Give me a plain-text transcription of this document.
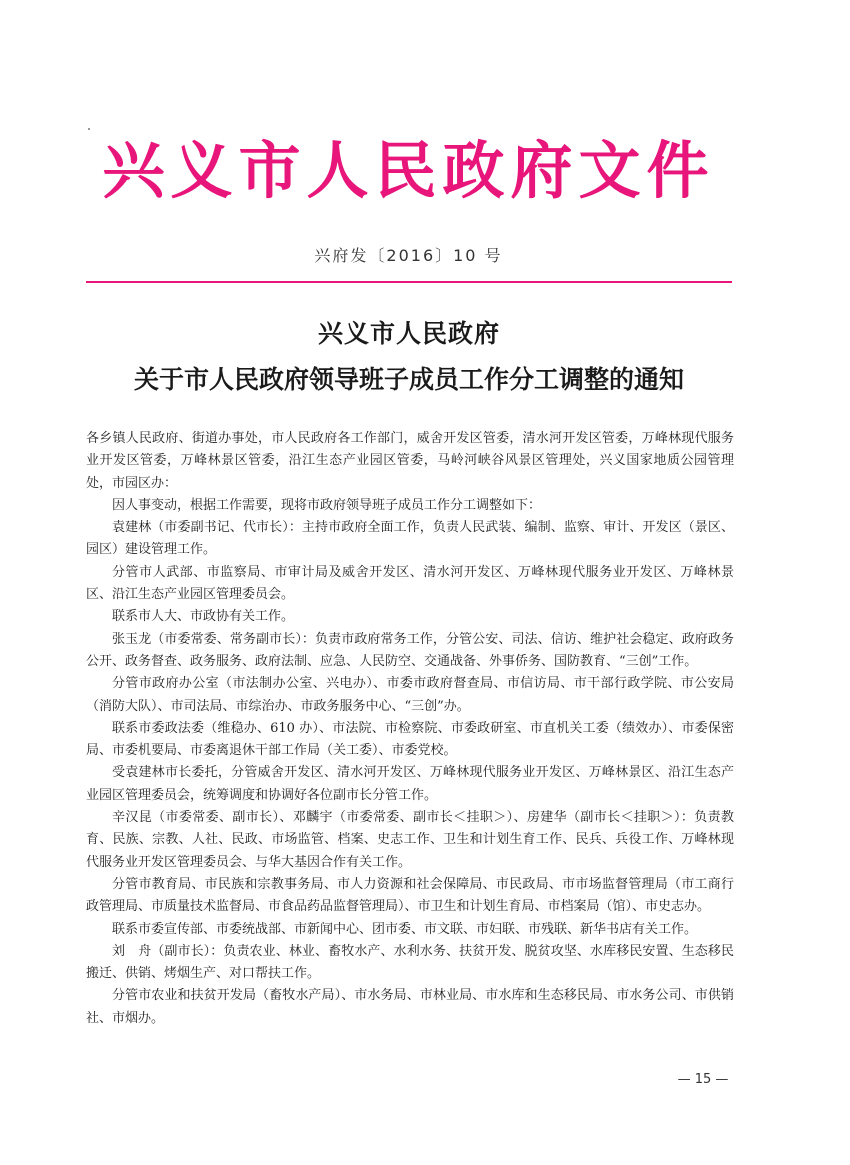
兴义市人民政府文件
兴府发〔2016〕10 号
兴义市人民政府
关于市人民政府领导班子成员工作分工调整的通知

各乡镇人民政府、街道办事处，市人民政府各工作部门，威舍开发区管委，清水河开发区管委，万峰林现代服务业开发区管委，万峰林景区管委，沿江生态产业园区管委，马岭河峡谷风景区管理处，兴义国家地质公园管理处，市园区办：

因人事变动，根据工作需要，现将市政府领导班子成员工作分工调整如下：

袁建林（市委副书记、代市长）：主持市政府全面工作，负责人民武装、编制、监察、审计、开发区（景区、园区）建设管理工作。

分管市人武部、市监察局、市审计局及威舍开发区、清水河开发区、万峰林现代服务业开发区、万峰林景区、沿江生态产业园区管理委员会。

联系市人大、市政协有关工作。

张玉龙（市委常委、常务副市长）：负责市政府常务工作，分管公安、司法、信访、维护社会稳定、政府政务公开、政务督查、政务服务、政府法制、应急、人民防空、交通战备、外事侨务、国防教育、“三创”工作。

分管市政府办公室（市法制办公室、兴电办）、市委市政府督查局、市信访局、市干部行政学院、市公安局（消防大队）、市司法局、市综治办、市政务服务中心、“三创”办。

联系市委政法委（维稳办、610 办）、市法院、市检察院、市委政研室、市直机关工委（绩效办）、市委保密局、市委机要局、市委离退休干部工作局（关工委）、市委党校。

受袁建林市长委托，分管威舍开发区、清水河开发区、万峰林现代服务业开发区、万峰林景区、沿江生态产业园区管理委员会，统筹调度和协调好各位副市长分管工作。

辛汉昆（市委常委、副市长）、邓麟宇（市委常委、副市长＜挂职＞）、房建华（副市长＜挂职＞）：负责教育、民族、宗教、人社、民政、市场监管、档案、史志工作、卫生和计划生育工作、民兵、兵役工作、万峰林现代服务业开发区管理委员会、与华大基因合作有关工作。

分管市教育局、市民族和宗教事务局、市人力资源和社会保障局、市民政局、市市场监督管理局（市工商行政管理局、市质量技术监督局、市食品药品监督管理局）、市卫生和计划生育局、市档案局（馆）、市史志办。

联系市委宣传部、市委统战部、市新闻中心、团市委、市文联、市妇联、市残联、新华书店有关工作。

刘　舟（副市长）：负责农业、林业、畜牧水产、水利水务、扶贫开发、脱贫攻坚、水库移民安置、生态移民搬迁、供销、烤烟生产、对口帮扶工作。

分管市农业和扶贫开发局（畜牧水产局）、市水务局、市林业局、市水库和生态移民局、市水务公司、市供销社、市烟办。

— 15 —
